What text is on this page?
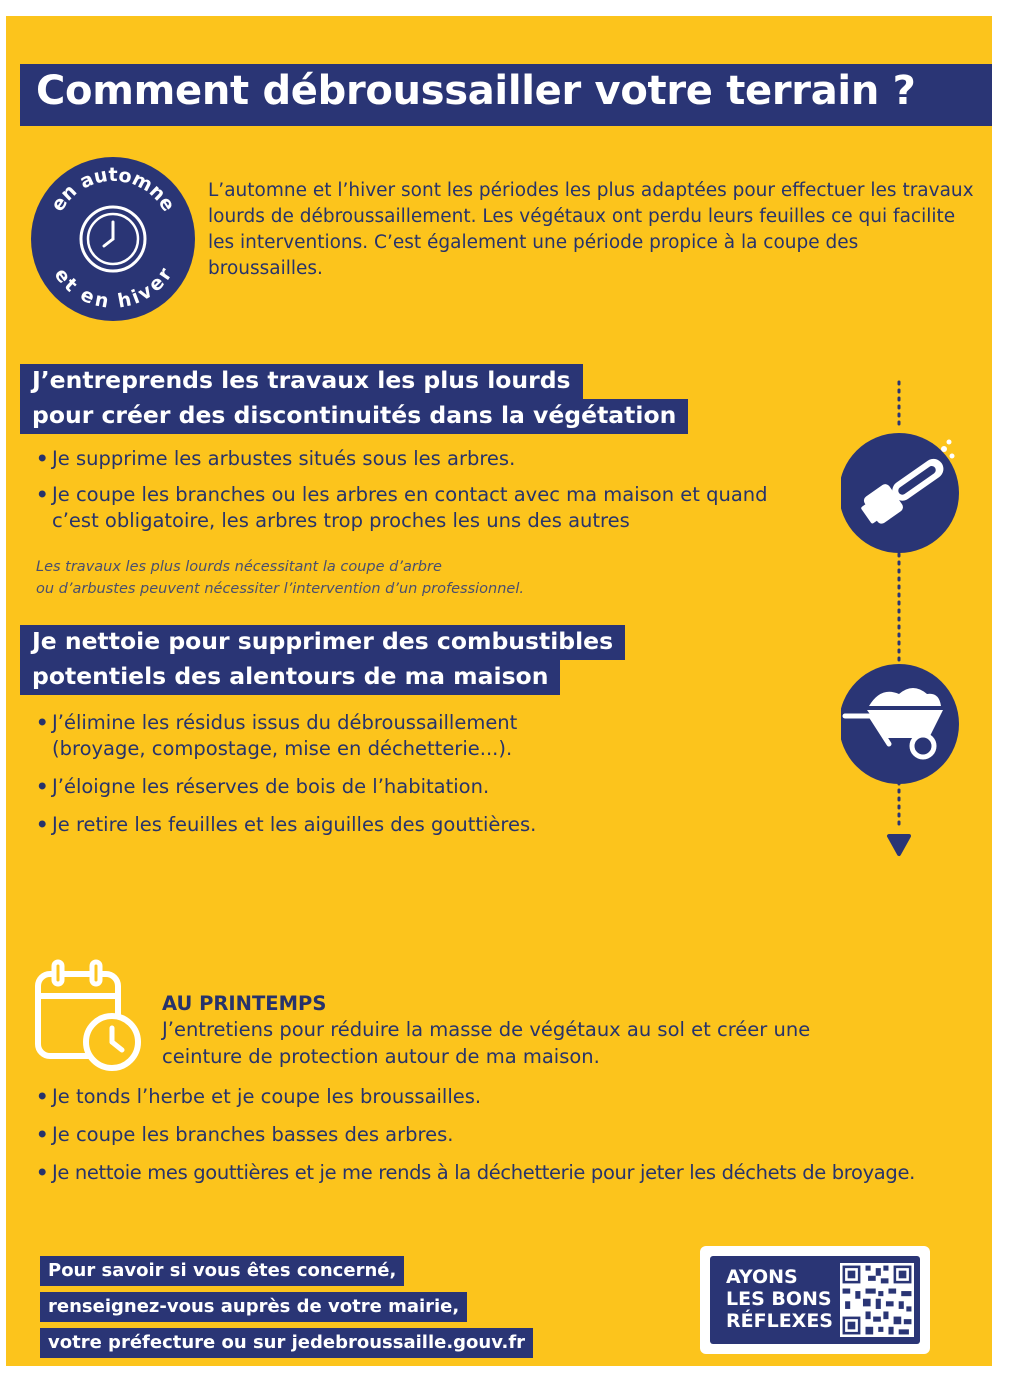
Comment débroussailler votre terrain ?
en automne
et en hiver
L’automne et l’hiver sont les périodes les plus adaptées pour effectuer les travaux lourds de débroussaillement. Les végétaux ont perdu leurs feuilles ce qui facilite les interventions. C’est également une période propice à la coupe des broussailles.
J’entreprends les travaux les plus lourds
pour créer des discontinuités dans la végétation
• Je supprime les arbustes situés sous les arbres.
• Je coupe les branches ou les arbres en contact avec ma maison et quand c’est obligatoire, les arbres trop proches les uns des autres
Les travaux les plus lourds nécessitant la coupe d’arbre
ou d’arbustes peuvent nécessiter l’intervention d’un professionnel.
Je nettoie pour supprimer des combustibles
potentiels des alentours de ma maison
• J’élimine les résidus issus du débroussaillement (broyage, compostage, mise en déchetterie...).
• J’éloigne les réserves de bois de l’habitation.
• Je retire les feuilles et les aiguilles des gouttières.
AU PRINTEMPS
J’entretiens pour réduire la masse de végétaux au sol et créer une ceinture de protection autour de ma maison.
• Je tonds l’herbe et je coupe les broussailles.
• Je coupe les branches basses des arbres.
• Je nettoie mes gouttières et je me rends à la déchetterie pour jeter les déchets de broyage.
Pour savoir si vous êtes concerné,
renseignez-vous auprès de votre mairie,
votre préfecture ou sur jedebroussaille.gouv.fr

AYONS
LES BONS
RÉFLEXES
